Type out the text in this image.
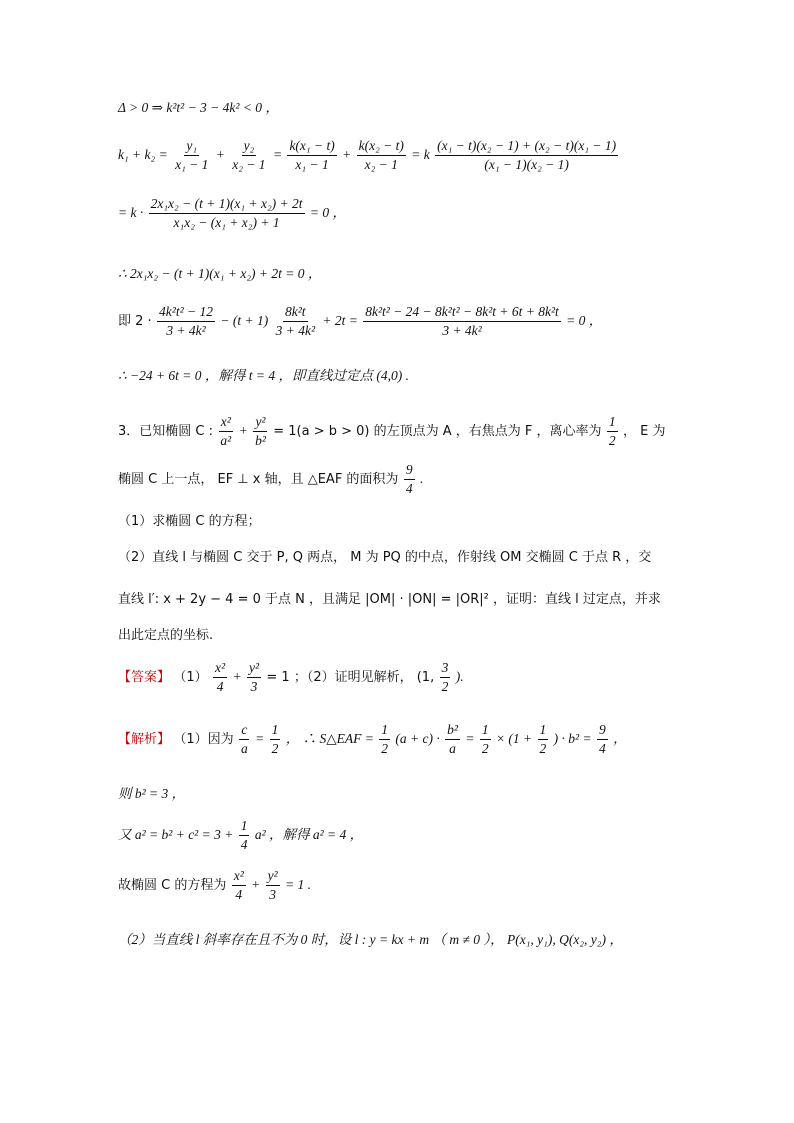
Δ > 0 ⇒ k²t² − 3 − 4k² < 0 ，
$k_1 + k_2 = \frac{\text{y₁}}{\text{x₁ − 1}} + \frac{\text{y₂}}{\text{x₂ − 1}} = \frac{\text{k(x₁ − t)}}{\text{x₁ − 1}} + \frac{\text{k(x₂ − t)}}{\text{x₂ − 1}} = k \frac{\text{(x₁ − t)(x₂ − 1) + (x₂ − t)(x₁ − 1)}}{\text{(x₁ − 1)(x₂ − 1)}}$
= $k \cdot \frac{\text{2x₁x₂ − (t + 1)(x₁ + x₂) + 2t}}{\text{x₁x₂ − (x₁ + x₂) + 1}} = 0$ ，
∴ 2x₁x₂ − (t + 1)(x₁ + x₂) + 2t = 0 ，
即 $2 \cdot \frac{\text{4k²t² − 12}}{\text{3 + 4k²}} - (t + 1) \frac{\text{8k²t}}{\text{3 + 4k²}} + 2t = \frac{\text{8k²t² − 24 − 8k²t² − 8k²t + 6t + 8k²t}}{\text{3 + 4k²}} = 0$ ，
∴ −24 + 6t = 0 ，解得 t = 4 ，即直线过定点 (4,0) .
3．已知椭圆 C : $\frac{\text{x²}}{\text{a²}} + \frac{\text{y²}}{\text{b²}} = 1(a > b > 0)$ 的左顶点为 A ，右焦点为 F ，离心率为 $\frac{1}{2}$ ， E 为
椭圆 C 上一点， EF ⊥ x 轴，且 △EAF 的面积为 $\frac{9}{4}$ .
（1）求椭圆 C 的方程；
（2）直线 l 与椭圆 C 交于 P, Q 两点， M 为 PQ 的中点，作射线 OM 交椭圆 C 于点 R ，交
直线 l′: x + 2y − 4 = 0 于点 N ，且满足 |OM| · |ON| = |OR|² ，证明：直线 l 过定点，并求
出此定点的坐标.
【答案】 $(1) \frac{\text{x²}}{4} + \frac{\text{y²}}{3} = 1$ ；（2）证明见解析， (1, $\frac{3}{2}$ ).
【解析】 （1）因为 $\frac{c}{a} = \frac{1}{2}$ ， ∴ S△EAF = $\frac{1}{2} (a + c) \cdot \frac{\text{b²}}{a} = \frac{1}{2} \times (1 + \frac{1}{2}$ ) · $b^2 = \frac{9}{4}$ ，
则 b² = 3 ，
又 $a^2 = b^2 + c^2 = 3 + \frac{1}{4} a^2$ ，解得 a² = 4 ，
故椭圆 C 的方程为 $\frac{\text{x²}}{4} + \frac{\text{y²}}{3} = 1$ .
（2）当直线 l 斜率存在且不为 0 时，设 l : y = kx + m （ m ≠ 0 ）， P(x₁, y₁), Q(x₂, y₂) ，
